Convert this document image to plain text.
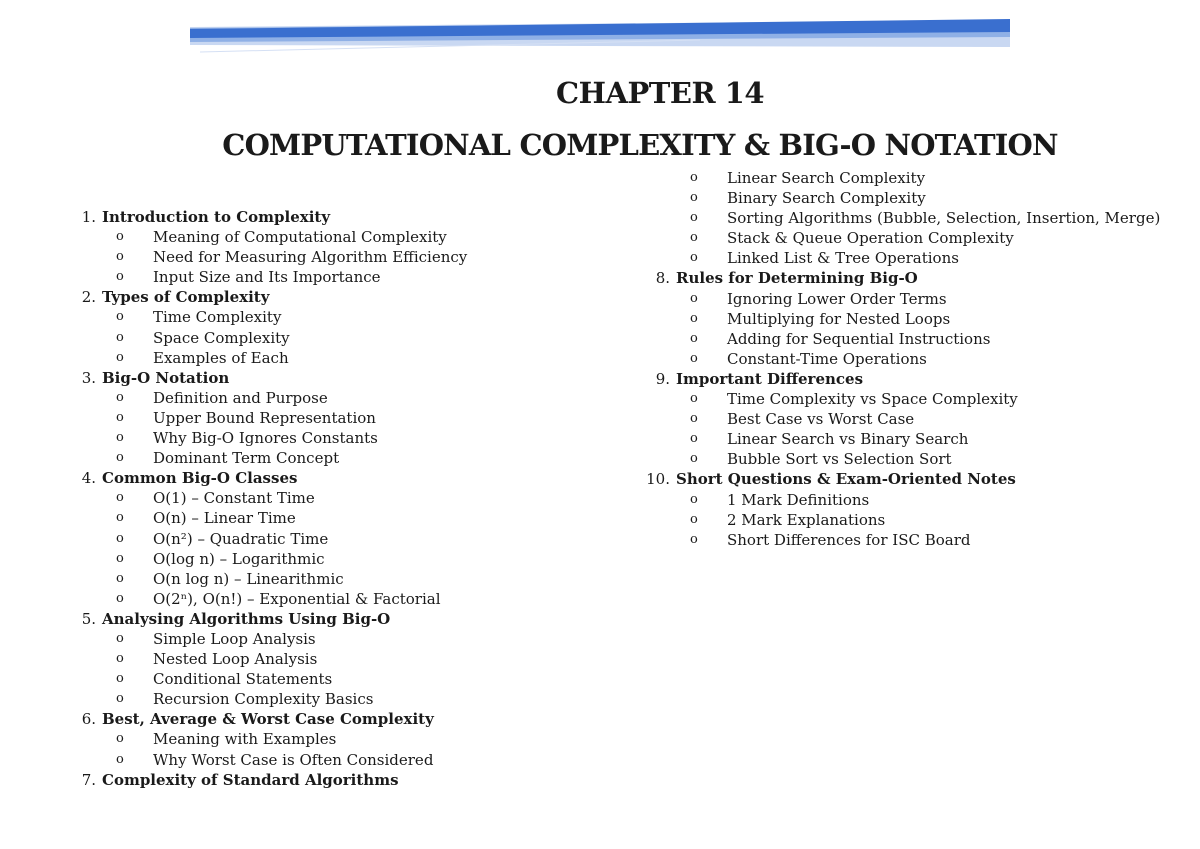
CHAPTER 14
COMPUTATIONAL COMPLEXITY & BIG-O NOTATION
1. Introduction to Complexity
o Meaning of Computational Complexity
o Need for Measuring Algorithm Efficiency
o Input Size and Its Importance
2. Types of Complexity
o Time Complexity
o Space Complexity
o Examples of Each
3. Big-O Notation
o Definition and Purpose
o Upper Bound Representation
o Why Big-O Ignores Constants
o Dominant Term Concept
4. Common Big-O Classes
o O(1) – Constant Time
o O(n) – Linear Time
o O(n²) – Quadratic Time
o O(log n) – Logarithmic
o O(n log n) – Linearithmic
o O(2ⁿ), O(n!) – Exponential & Factorial
5. Analysing Algorithms Using Big-O
o Simple Loop Analysis
o Nested Loop Analysis
o Conditional Statements
o Recursion Complexity Basics
6. Best, Average & Worst Case Complexity
o Meaning with Examples
o Why Worst Case is Often Considered
7. Complexity of Standard Algorithms
o Linear Search Complexity
o Binary Search Complexity
o Sorting Algorithms (Bubble, Selection, Insertion, Merge)
o Stack & Queue Operation Complexity
o Linked List & Tree Operations
8. Rules for Determining Big-O
o Ignoring Lower Order Terms
o Multiplying for Nested Loops
o Adding for Sequential Instructions
o Constant-Time Operations
9. Important Differences
o Time Complexity vs Space Complexity
o Best Case vs Worst Case
o Linear Search vs Binary Search
o Bubble Sort vs Selection Sort
10. Short Questions & Exam-Oriented Notes
o 1 Mark Definitions
o 2 Mark Explanations
o Short Differences for ISC Board
